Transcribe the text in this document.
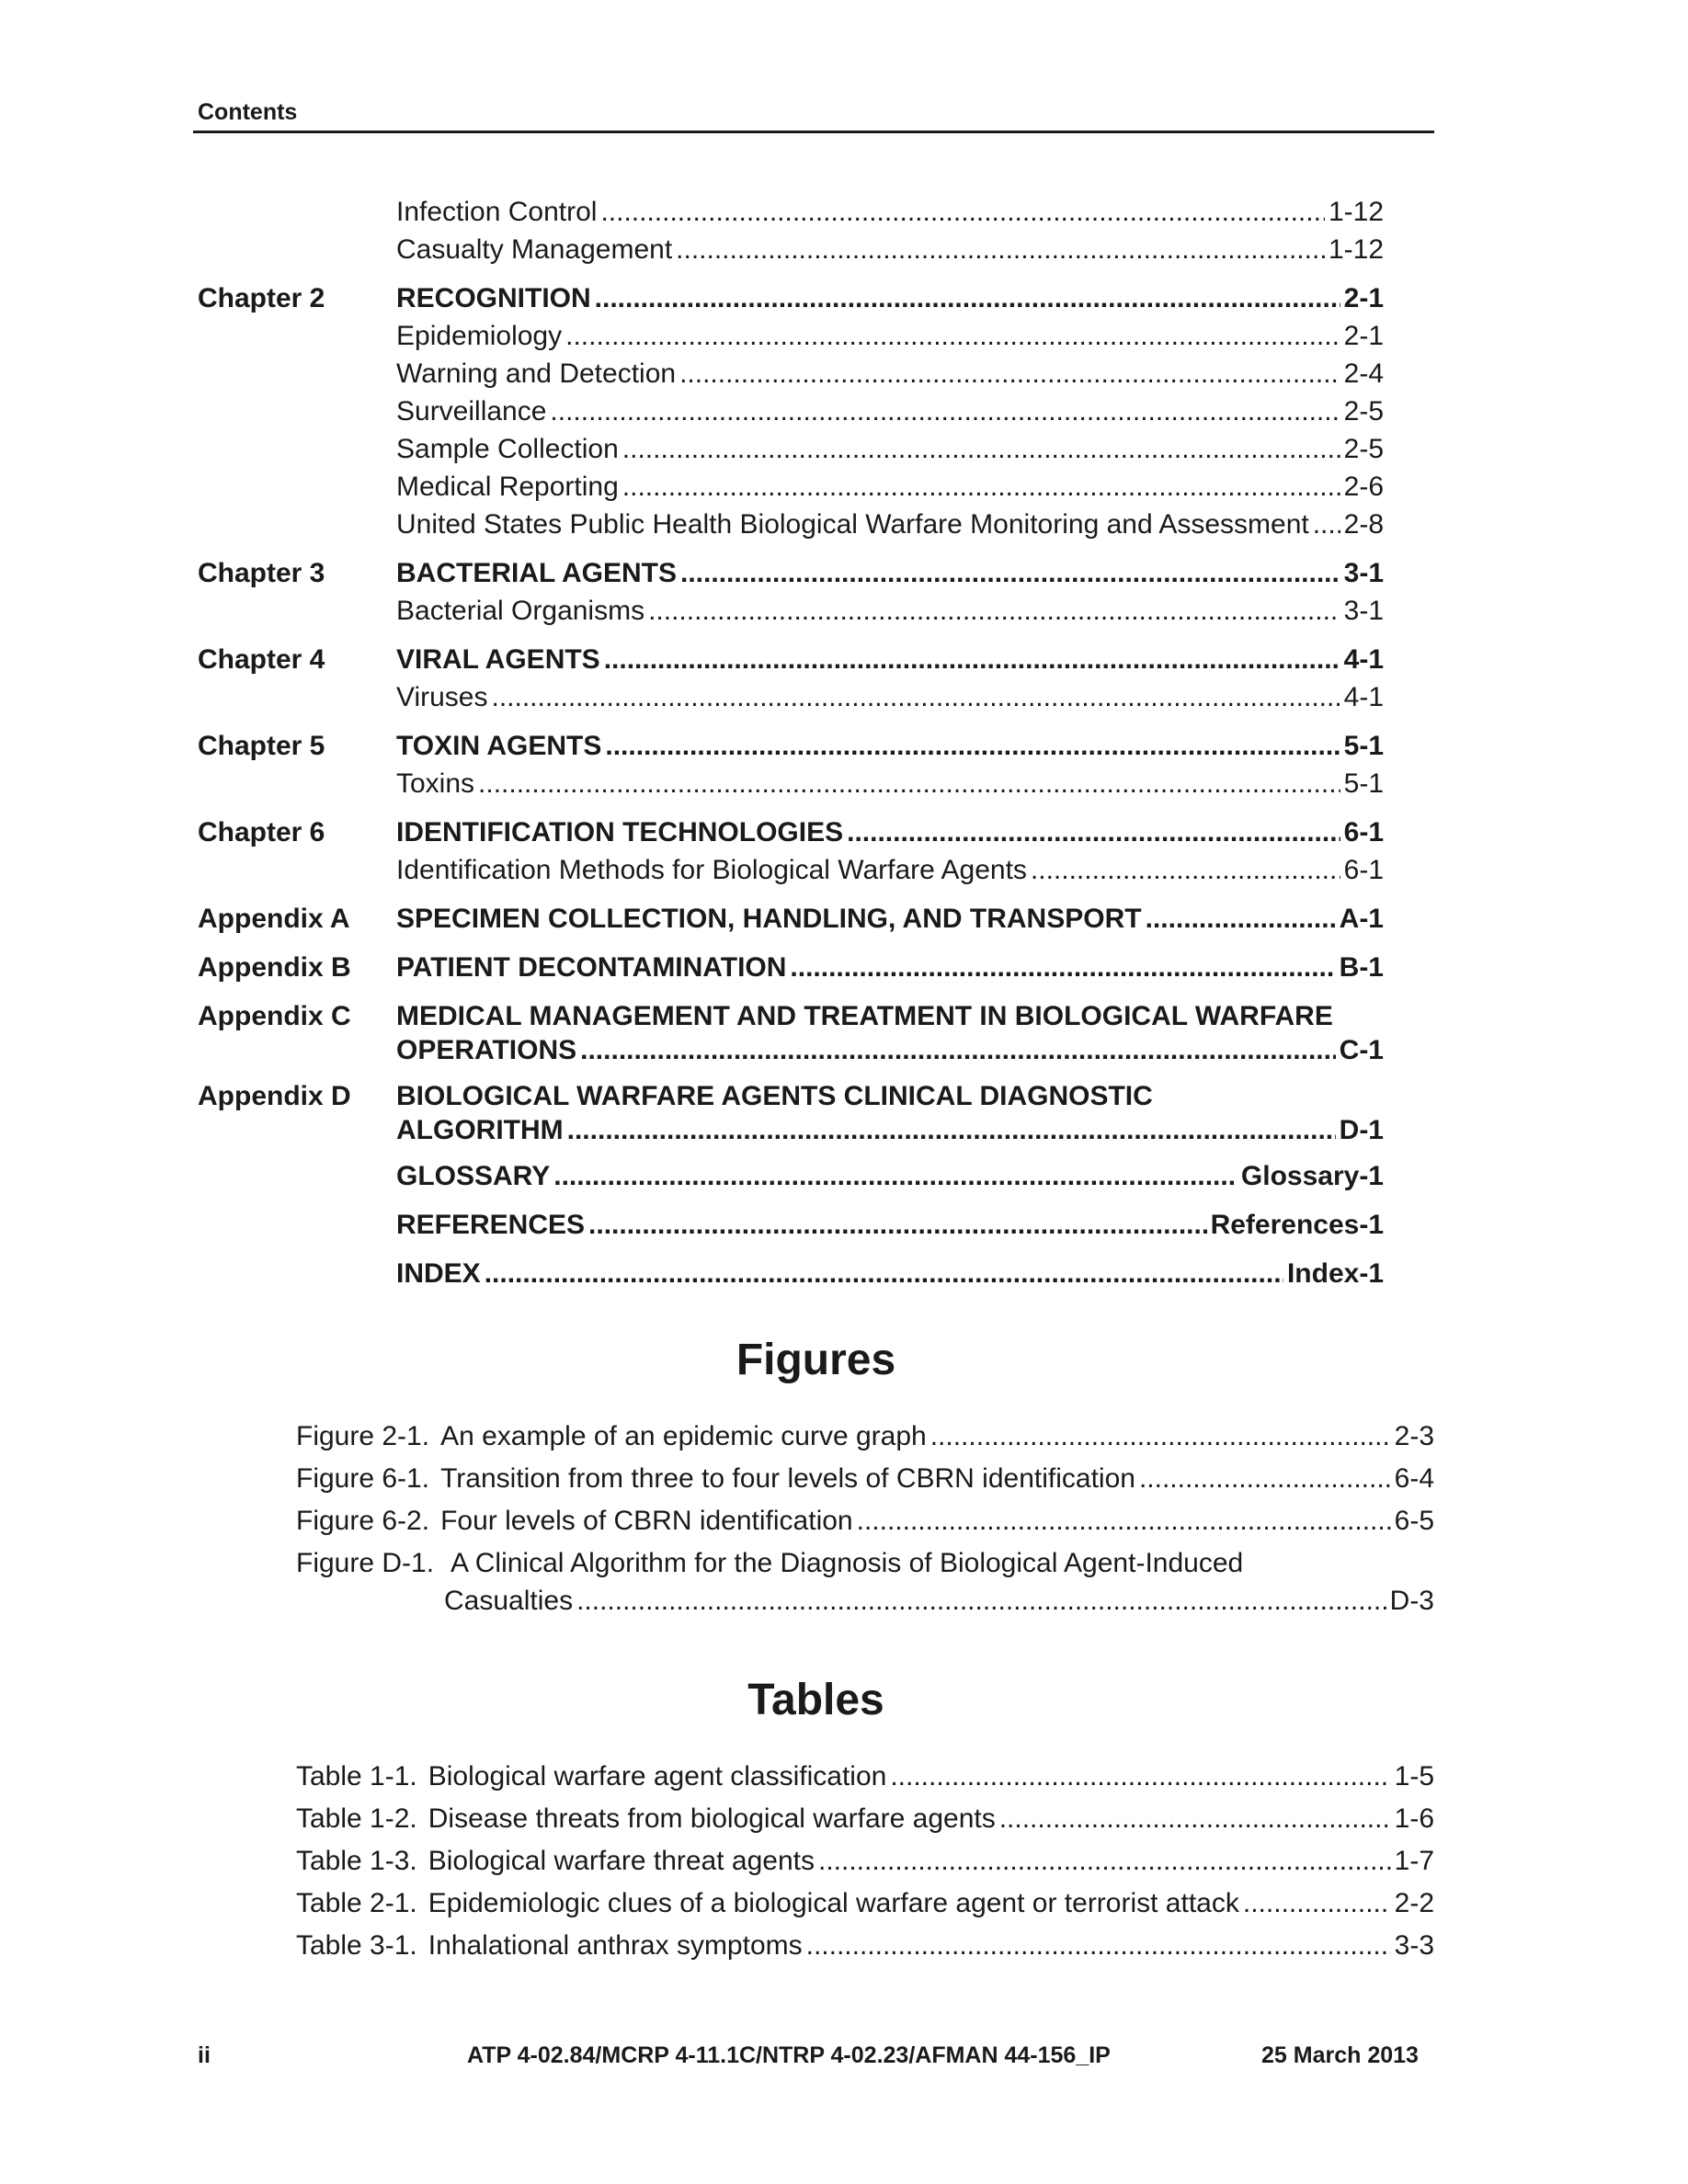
Contents
Infection Control .....	1-12
Casualty Management .....	1-12
Chapter 2	RECOGNITION .....	2-1
Epidemiology .....	2-1
Warning and Detection .....	2-4
Surveillance .....	2-5
Sample Collection .....	2-5
Medical Reporting .....	2-6
United States Public Health Biological Warfare Monitoring and Assessment ..... 2-8
Chapter 3	BACTERIAL AGENTS .....	3-1
Bacterial Organisms .....	3-1
Chapter 4	VIRAL AGENTS .....	4-1
Viruses .....	4-1
Chapter 5	TOXIN AGENTS .....	5-1
Toxins .....	5-1
Chapter 6	IDENTIFICATION TECHNOLOGIES .....	6-1
Identification Methods for Biological Warfare Agents .....	6-1
Appendix A	SPECIMEN COLLECTION, HANDLING, AND TRANSPORT .....	A-1
Appendix B	PATIENT DECONTAMINATION .....	B-1
Appendix C	MEDICAL MANAGEMENT AND TREATMENT IN BIOLOGICAL WARFARE
OPERATIONS .....	C-1
Appendix D	BIOLOGICAL WARFARE AGENTS CLINICAL DIAGNOSTIC
ALGORITHM .....	D-1
GLOSSARY .....	Glossary-1
REFERENCES .....	References-1
INDEX .....	Index-1
Figures
Figure 2-1. An example of an epidemic curve graph .....	2-3
Figure 6-1. Transition from three to four levels of CBRN identification .....	6-4
Figure 6-2. Four levels of CBRN identification .....	6-5
Figure D-1. A Clinical Algorithm for the Diagnosis of Biological Agent-Induced
Casualties .....	D-3
Tables
Table 1-1. Biological warfare agent classification .....	1-5
Table 1-2. Disease threats from biological warfare agents .....	1-6
Table 1-3. Biological warfare threat agents .....	1-7
Table 2-1. Epidemiologic clues of a biological warfare agent or terrorist attack .....	2-2
Table 3-1. Inhalational anthrax symptoms .....	3-3
ii	ATP 4-02.84/MCRP 4-11.1C/NTRP 4-02.23/AFMAN 44-156_IP	25 March 2013
